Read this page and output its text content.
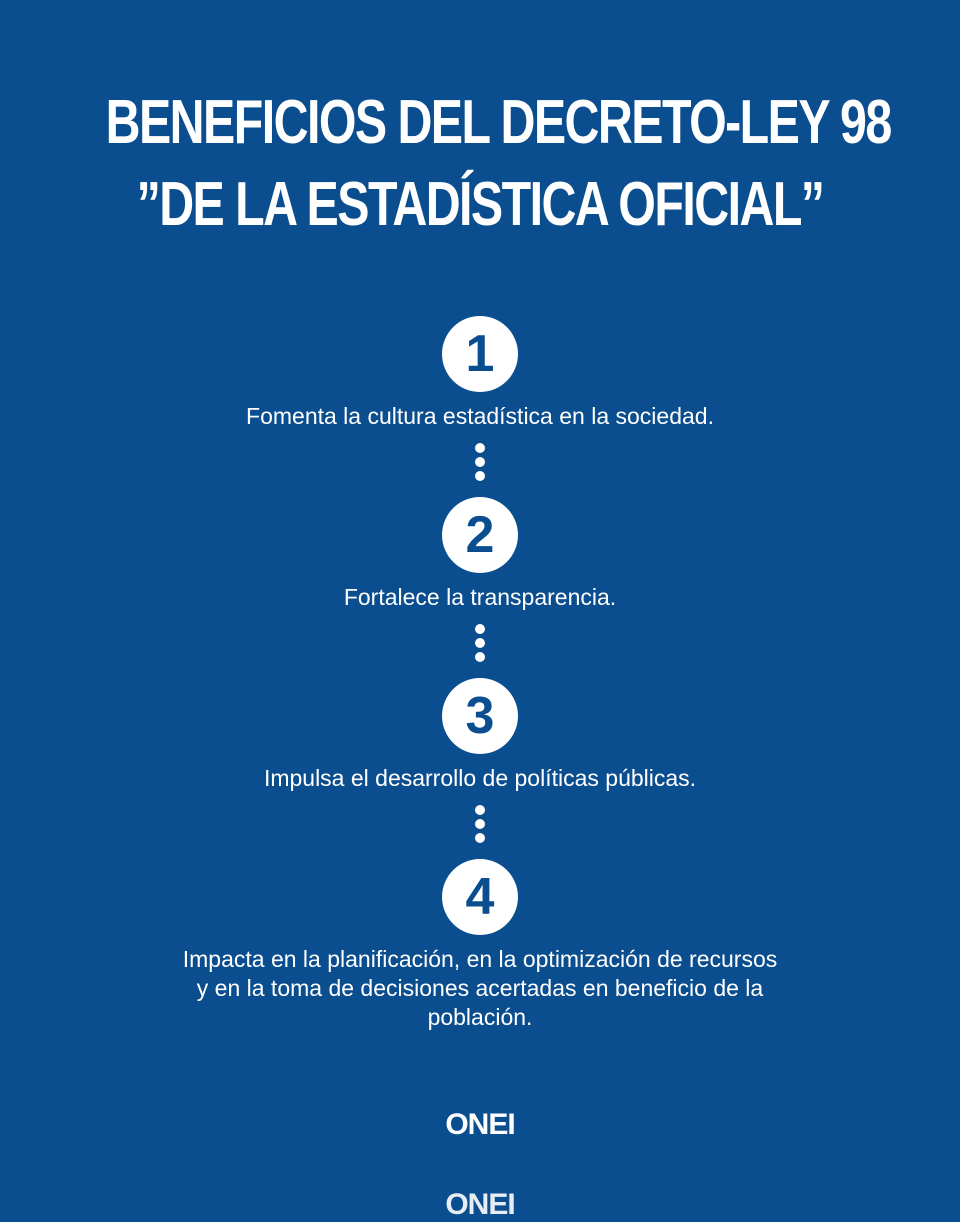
BENEFICIOS DEL DECRETO-LEY 98
”DE LA ESTADÍSTICA OFICIAL”
1
Fomenta la cultura estadística en la sociedad.
2
Fortalece la transparencia.
3
Impulsa el desarrollo de políticas públicas.
4
Impacta en la planificación, en la optimización de recursos y en la toma de decisiones acertadas en beneficio de la población.
ONEI
ONEI
